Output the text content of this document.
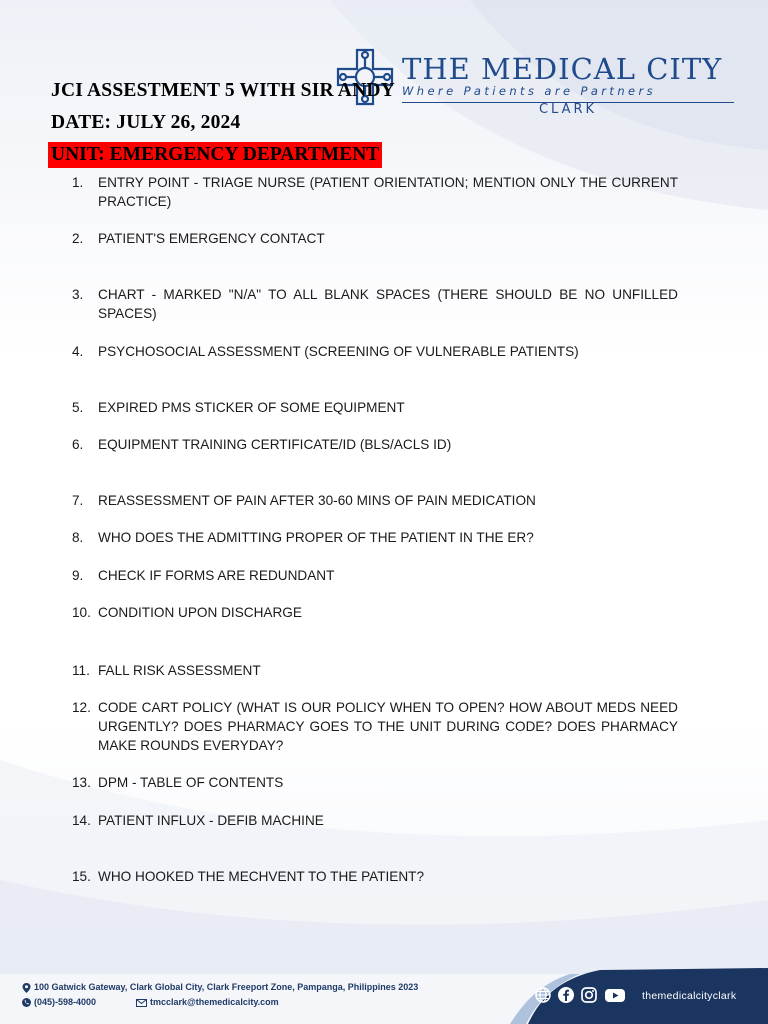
THE MEDICAL CITY
Where Patients are Partners
CLARK
JCI ASSESTMENT 5 WITH SIR ANDY
DATE: JULY 26, 2024
UNIT: EMERGENCY DEPARTMENT
1.	ENTRY POINT - TRIAGE NURSE (PATIENT ORIENTATION; MENTION ONLY THE CURRENT PRACTICE)
2.	PATIENT'S EMERGENCY CONTACT
3.	CHART - MARKED "N/A" TO ALL BLANK SPACES (THERE SHOULD BE NO UNFILLED SPACES)
4.	PSYCHOSOCIAL ASSESSMENT (SCREENING OF VULNERABLE PATIENTS)
5.	EXPIRED PMS STICKER OF SOME EQUIPMENT
6.	EQUIPMENT TRAINING CERTIFICATE/ID (BLS/ACLS ID)
7.	REASSESSMENT OF PAIN AFTER 30-60 MINS OF PAIN MEDICATION
8.	WHO DOES THE ADMITTING PROPER OF THE PATIENT IN THE ER?
9.	CHECK IF FORMS ARE REDUNDANT
10. CONDITION UPON DISCHARGE
11. FALL RISK ASSESSMENT
12. CODE CART POLICY (WHAT IS OUR POLICY WHEN TO OPEN? HOW ABOUT MEDS NEED URGENTLY? DOES PHARMACY GOES TO THE UNIT DURING CODE? DOES PHARMACY MAKE ROUNDS EVERYDAY?
13. DPM - TABLE OF CONTENTS
14. PATIENT INFLUX - DEFIB MACHINE
15. WHO HOOKED THE MECHVENT TO THE PATIENT?
100 Gatwick Gateway, Clark Global City, Clark Freeport Zone, Pampanga, Philippines 2023
(045)-598-4000	tmcclark@themedicalcity.com	themedicalcityclark
